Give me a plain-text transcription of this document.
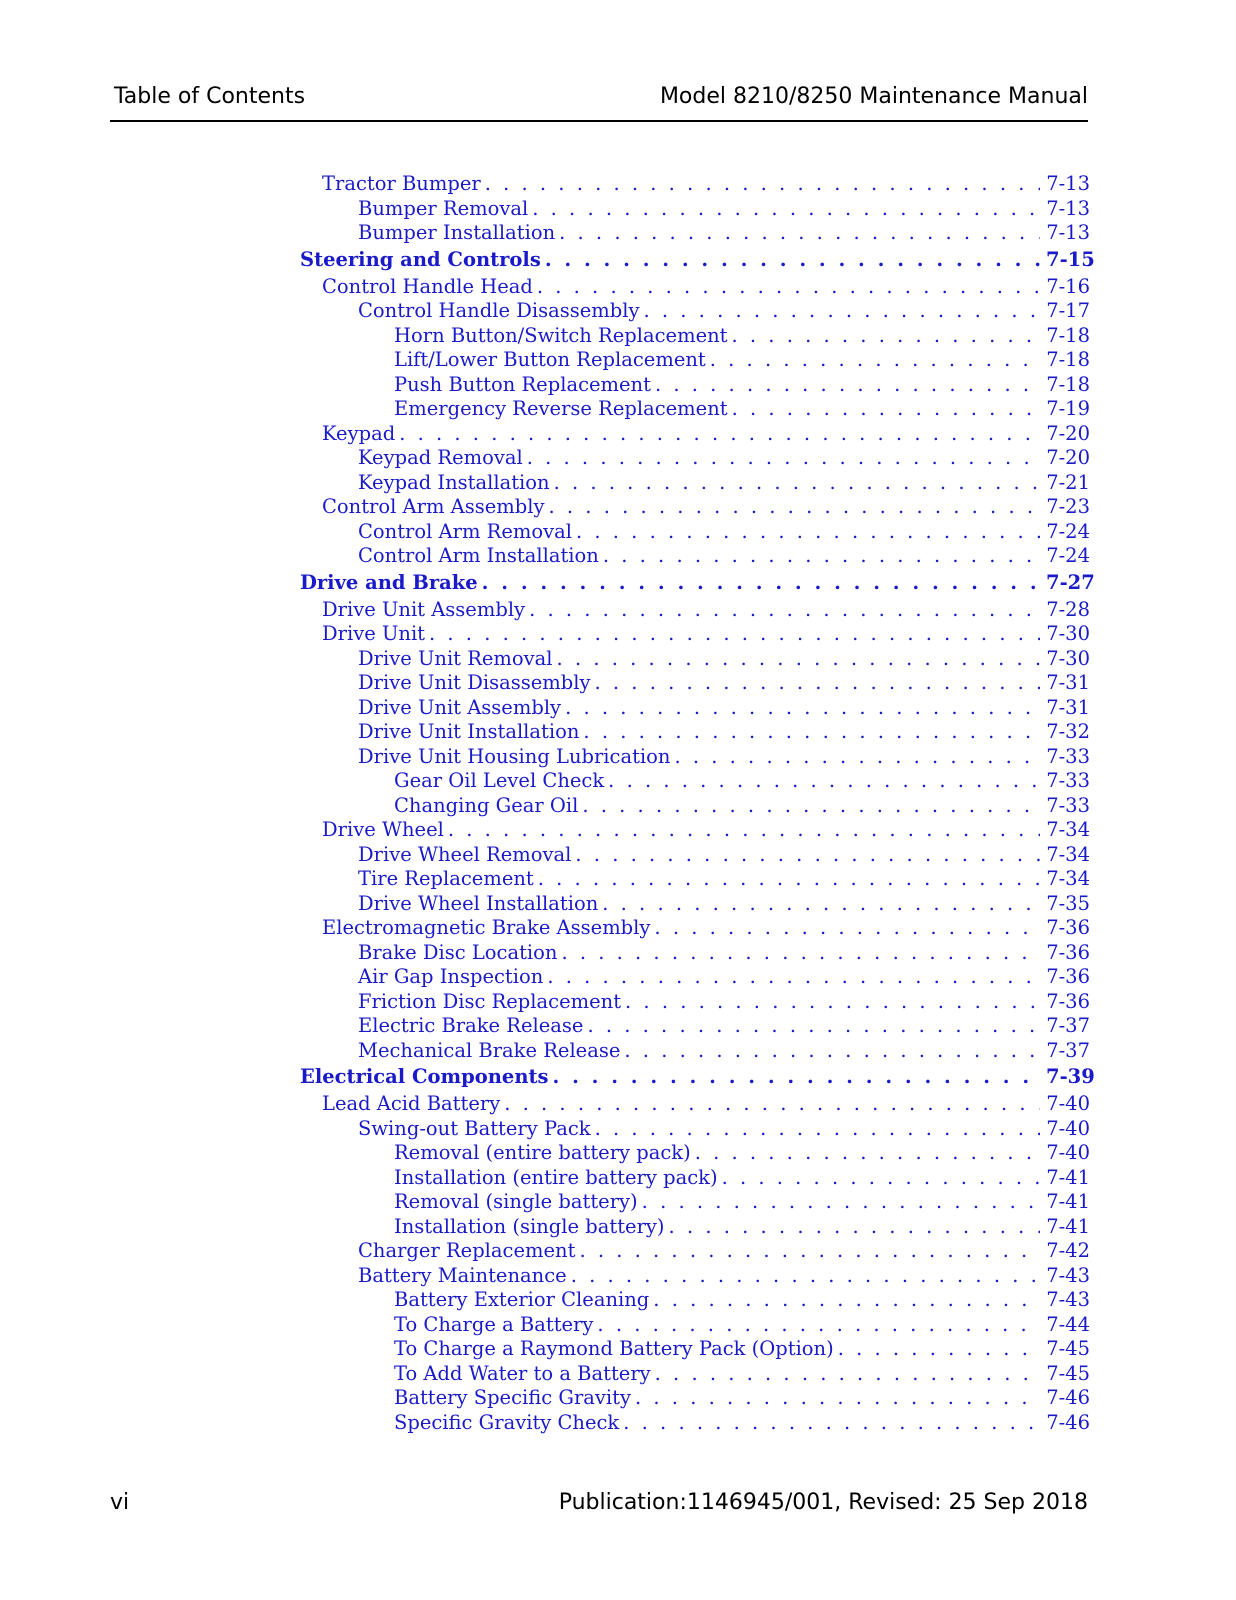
Table of Contents	Model 8210/8250 Maintenance Manual
Tractor Bumper . . .	7-13
Bumper Removal . . .	7-13
Bumper Installation . . .	7-13
Steering and Controls . . .	7-15
Control Handle Head . . .	7-16
Control Handle Disassembly . . .	7-17
Horn Button/Switch Replacement . . .	7-18
Lift/Lower Button Replacement . . .	7-18
Push Button Replacement . . .	7-18
Emergency Reverse Replacement . . .	7-19
Keypad . . .	7-20
Keypad Removal . . .	7-20
Keypad Installation . . .	7-21
Control Arm Assembly . . .	7-23
Control Arm Removal . . .	7-24
Control Arm Installation . . .	7-24
Drive and Brake . . .	7-27
Drive Unit Assembly . . .	7-28
Drive Unit . . .	7-30
Drive Unit Removal . . .	7-30
Drive Unit Disassembly . . .	7-31
Drive Unit Assembly . . .	7-31
Drive Unit Installation . . .	7-32
Drive Unit Housing Lubrication . . .	7-33
Gear Oil Level Check . . .	7-33
Changing Gear Oil . . .	7-33
Drive Wheel . . .	7-34
Drive Wheel Removal . . .	7-34
Tire Replacement . . .	7-34
Drive Wheel Installation . . .	7-35
Electromagnetic Brake Assembly . . .	7-36
Brake Disc Location . . .	7-36
Air Gap Inspection . . .	7-36
Friction Disc Replacement . . .	7-36
Electric Brake Release . . .	7-37
Mechanical Brake Release . . .	7-37
Electrical Components . . .	7-39
Lead Acid Battery . . .	7-40
Swing-out Battery Pack . . .	7-40
Removal (entire battery pack) . . .	7-40
Installation (entire battery pack) . . .	7-41
Removal (single battery) . . .	7-41
Installation (single battery) . . .	7-41
Charger Replacement . . .	7-42
Battery Maintenance . . .	7-43
Battery Exterior Cleaning . . .	7-43
To Charge a Battery . . .	7-44
To Charge a Raymond Battery Pack (Option) . . .	7-45
To Add Water to a Battery . . .	7-45
Battery Specific Gravity . . .	7-46
Specific Gravity Check . . .	7-46
vi	Publication:1146945/001, Revised: 25 Sep 2018
